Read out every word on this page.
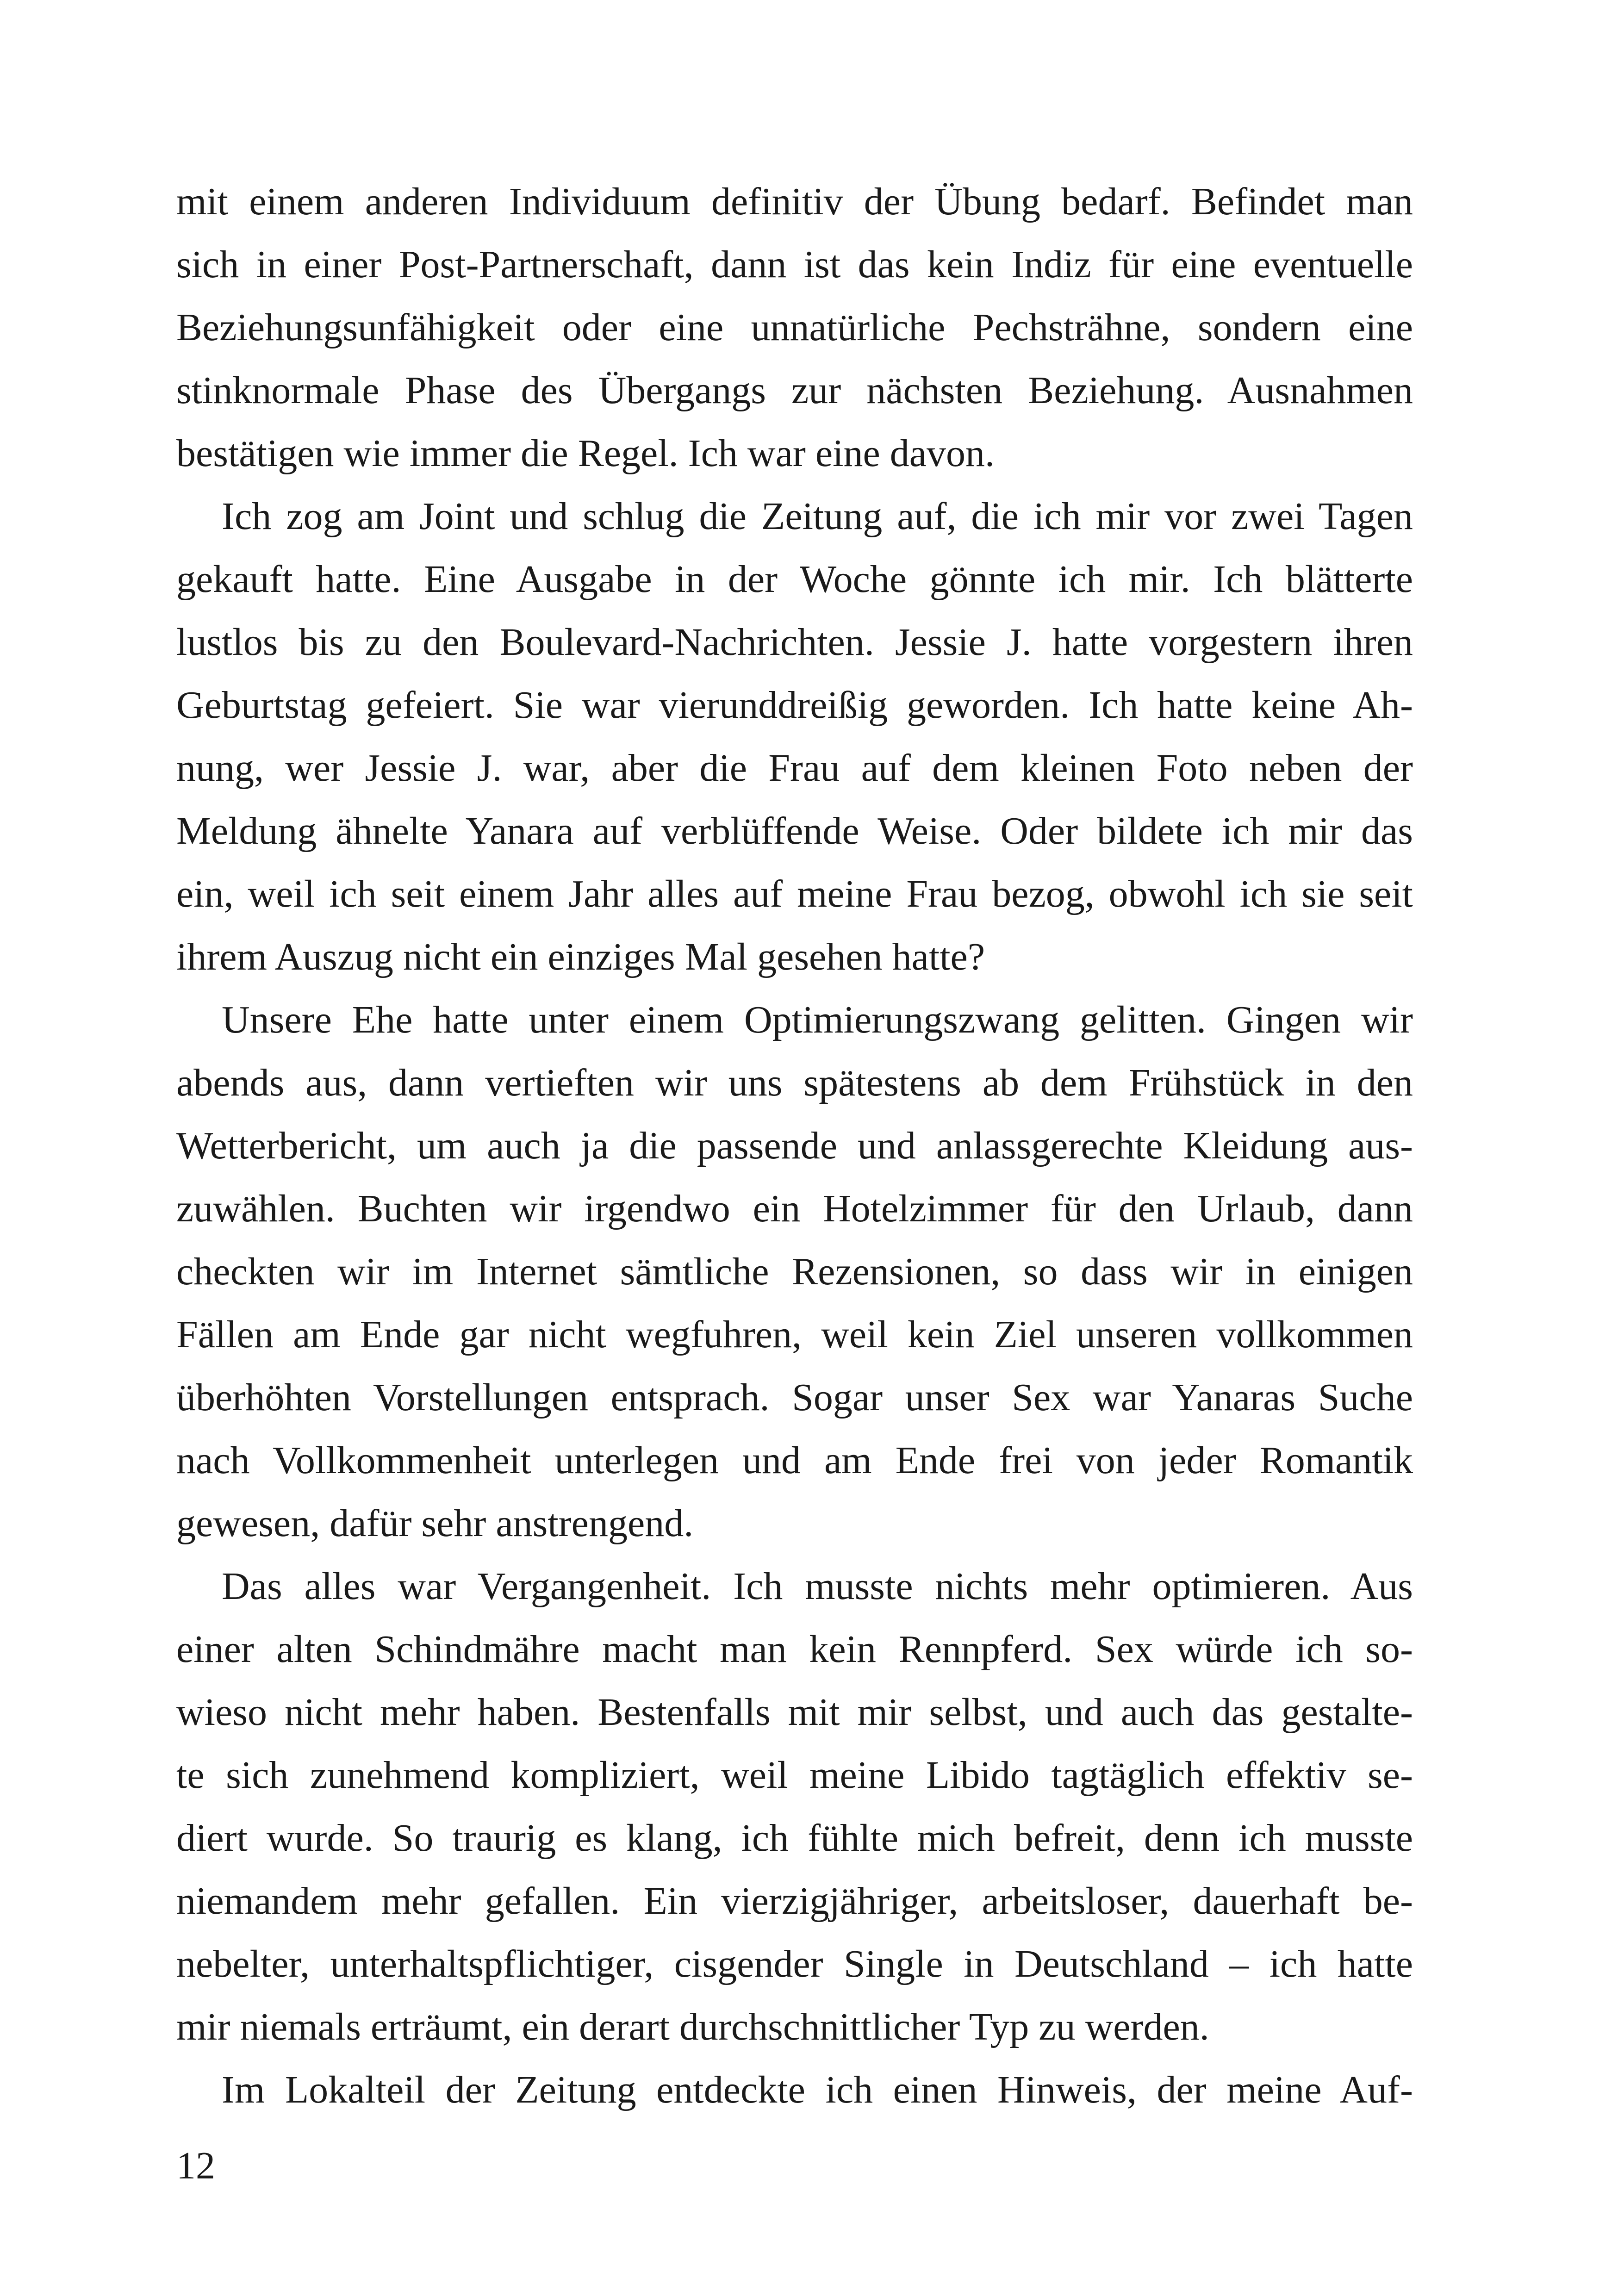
mit einem anderen Individuum definitiv der Übung bedarf. Befindet man
sich in einer Post-Partnerschaft, dann ist das kein Indiz für eine eventuelle
Beziehungsunfähigkeit oder eine unnatürliche Pechsträhne, sondern eine
stinknormale Phase des Übergangs zur nächsten Beziehung. Ausnahmen
bestätigen wie immer die Regel. Ich war eine davon.
Ich zog am Joint und schlug die Zeitung auf, die ich mir vor zwei Tagen
gekauft hatte. Eine Ausgabe in der Woche gönnte ich mir. Ich blätterte
lustlos bis zu den Boulevard-Nachrichten. Jessie J. hatte vorgestern ihren
Geburtstag gefeiert. Sie war vierunddreißig geworden. Ich hatte keine Ah-
nung, wer Jessie J. war, aber die Frau auf dem kleinen Foto neben der
Meldung ähnelte Yanara auf verblüffende Weise. Oder bildete ich mir das
ein, weil ich seit einem Jahr alles auf meine Frau bezog, obwohl ich sie seit
ihrem Auszug nicht ein einziges Mal gesehen hatte?
Unsere Ehe hatte unter einem Optimierungszwang gelitten. Gingen wir
abends aus, dann vertieften wir uns spätestens ab dem Frühstück in den
Wetterbericht, um auch ja die passende und anlassgerechte Kleidung aus-
zuwählen. Buchten wir irgendwo ein Hotelzimmer für den Urlaub, dann
checkten wir im Internet sämtliche Rezensionen, so dass wir in einigen
Fällen am Ende gar nicht wegfuhren, weil kein Ziel unseren vollkommen
überhöhten Vorstellungen entsprach. Sogar unser Sex war Yanaras Suche
nach Vollkommenheit unterlegen und am Ende frei von jeder Romantik
gewesen, dafür sehr anstrengend.
Das alles war Vergangenheit. Ich musste nichts mehr optimieren. Aus
einer alten Schindmähre macht man kein Rennpferd. Sex würde ich so-
wieso nicht mehr haben. Bestenfalls mit mir selbst, und auch das gestalte-
te sich zunehmend kompliziert, weil meine Libido tagtäglich effektiv se-
diert wurde. So traurig es klang, ich fühlte mich befreit, denn ich musste
niemandem mehr gefallen. Ein vierzigjähriger, arbeitsloser, dauerhaft be-
nebelter, unterhaltspflichtiger, cisgender Single in Deutschland – ich hatte
mir niemals erträumt, ein derart durchschnittlicher Typ zu werden.
Im Lokalteil der Zeitung entdeckte ich einen Hinweis, der meine Auf-
12
